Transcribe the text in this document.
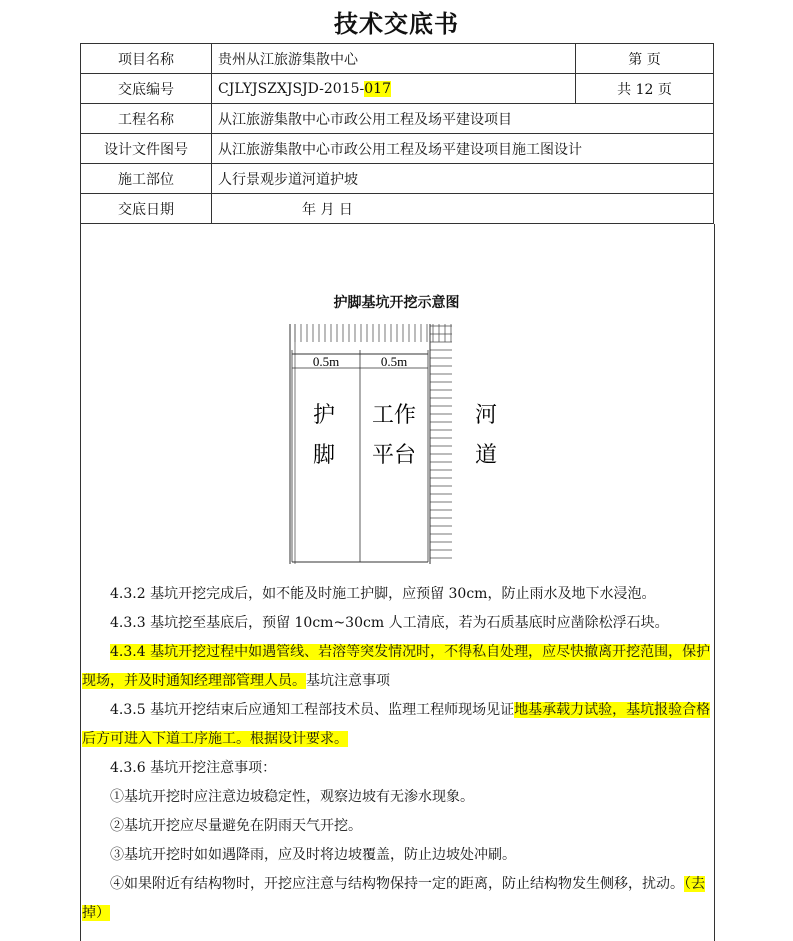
技术交底书
项目名称	贵州从江旅游集散中心	第 页
交底编号	CJLYJSZXJSJD-2015-017	共 12 页
工程名称	从江旅游集散中心市政公用工程及场平建设项目	
设计文件图号	从江旅游集散中心市政公用工程及场平建设项目施工图设计	
施工部位	人行景观步道河道护坡	
交底日期	年 月 日	
护脚基坑开挖示意图
0.5m	0.5m
护
脚
工作
平台
河
道

4.3.2 基坑开挖完成后，如不能及时施工护脚，应预留 30cm，防止雨水及地下水浸泡。

4.3.3 基坑挖至基底后，预留 10cm~30cm 人工清底，若为石质基底时应凿除松浮石块。

4.3.4 基坑开挖过程中如遇管线、岩溶等突发情况时，不得私自处理，应尽快撤离开挖范围，保护现场，并及时通知经理部管理人员。基坑注意事项

4.3.5 基坑开挖结束后应通知工程部技术员、监理工程师现场见证地基承载力试验，基坑报验合格后方可进入下道工序施工。根据设计要求。

4.3.6 基坑开挖注意事项：

①基坑开挖时应注意边坡稳定性，观察边坡有无渗水现象。

②基坑开挖应尽量避免在阴雨天气开挖。

③基坑开挖时如如遇降雨，应及时将边坡覆盖，防止边坡处冲刷。

④如果附近有结构物时，开挖应注意与结构物保持一定的距离，防止结构物发生侧移，扰动。（去掉）
